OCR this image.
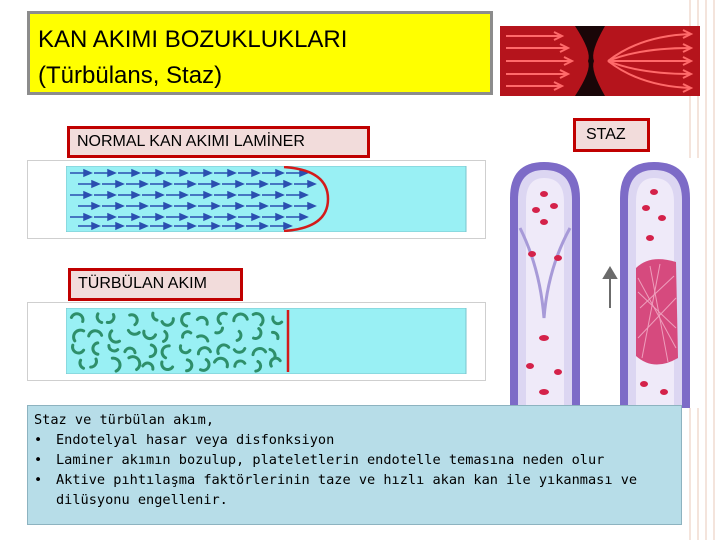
KAN AKIMI BOZUKLUKLARI
(Türbülans, Staz)
NORMAL KAN AKIMI LAMİNER	STAZ
TÜRBÜLAN AKIM
Staz ve türbülan akım,
•	Endotelyal hasar veya disfonksiyon
•	Laminer akımın bozulup, plateletlerin endotelle temasına neden olur
•	Aktive pıhtılaşma faktörlerinin taze ve hızlı akan kan ile yıkanması ve dilüsyonu engellenir.
